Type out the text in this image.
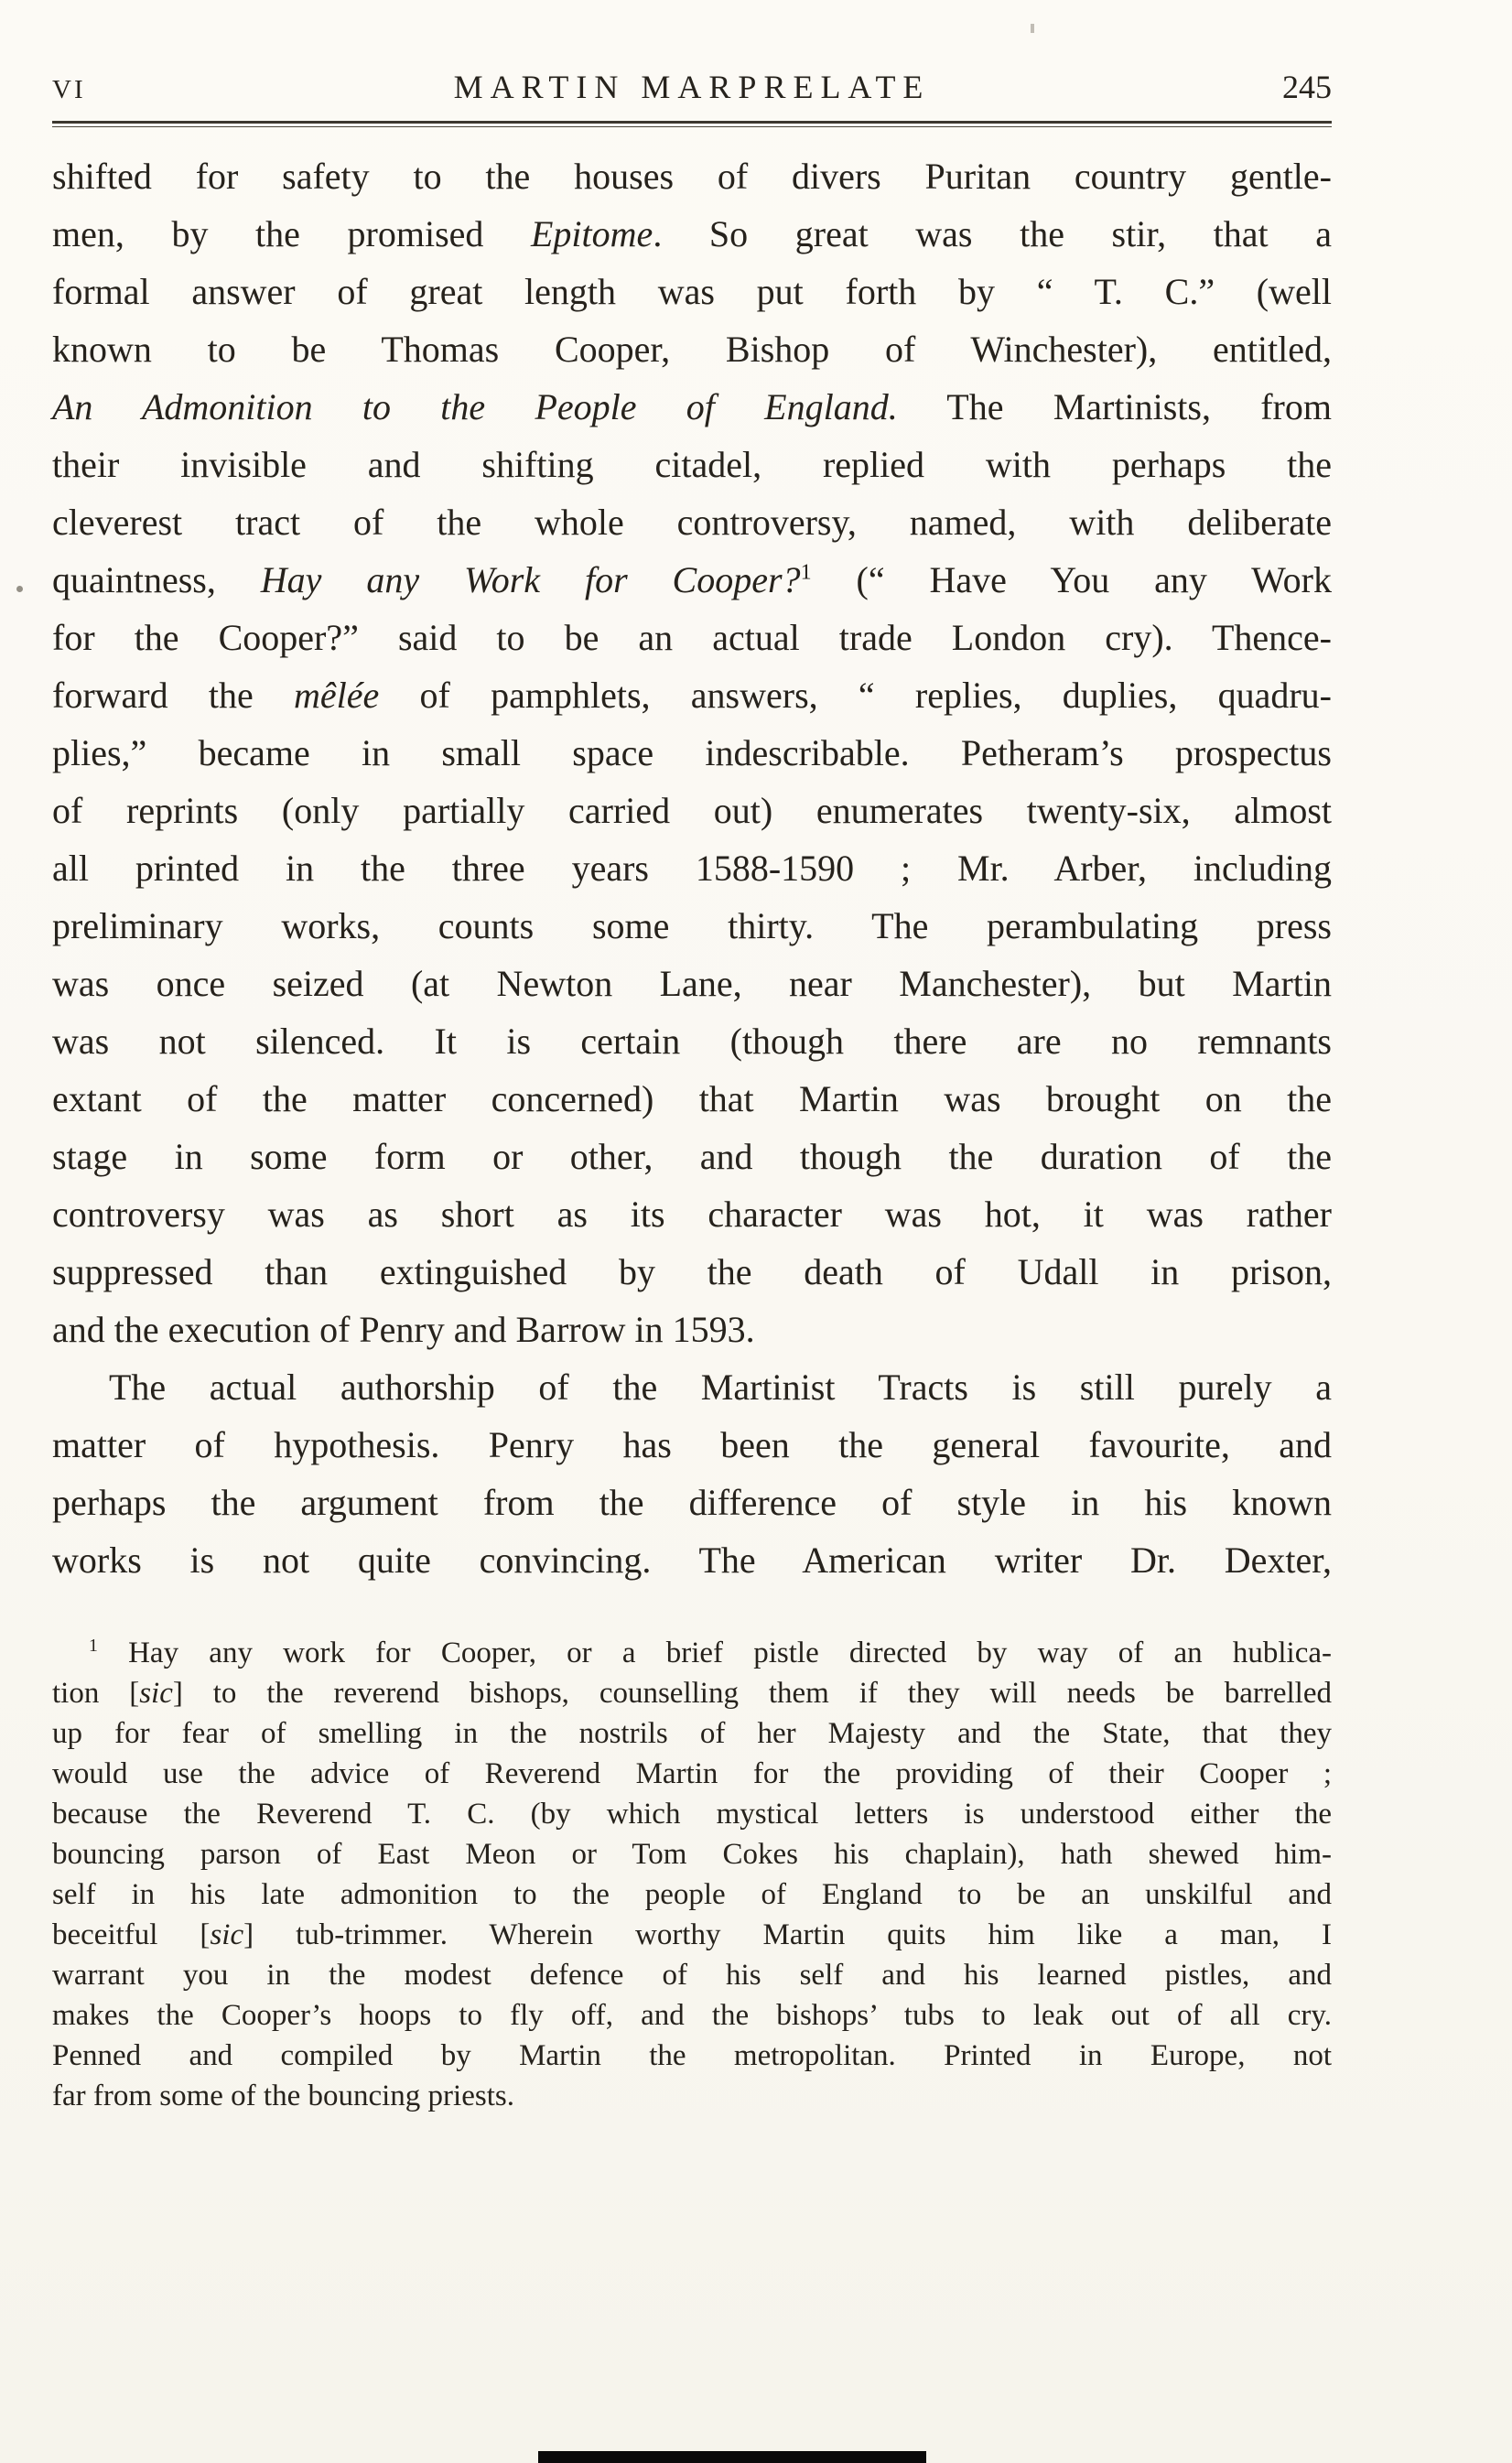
VI	MARTIN MARPRELATE	245
shifted for safety to the houses of divers Puritan country gentle-
men, by the promised Epitome. So great was the stir, that a
formal answer of great length was put forth by “ T. C.” (well
known to be Thomas Cooper, Bishop of Winchester), entitled,
An Admonition to the People of England. The Martinists, from
their invisible and shifting citadel, replied with perhaps the
cleverest tract of the whole controversy, named, with deliberate
quaintness, Hay any Work for Cooper?$^1$ (“ Have You any Work
for the Cooper?” said to be an actual trade London cry). Thence-
forward the mêlée of pamphlets, answers, “ replies, duplies, quadru-
plies,” became in small space indescribable. Petheram’s prospectus
of reprints (only partially carried out) enumerates twenty-six, almost
all printed in the three years 1588-1590 ; Mr. Arber, including
preliminary works, counts some thirty. The perambulating press
was once seized (at Newton Lane, near Manchester), but Martin
was not silenced. It is certain (though there are no remnants
extant of the matter concerned) that Martin was brought on the
stage in some form or other, and though the duration of the
controversy was as short as its character was hot, it was rather
suppressed than extinguished by the death of Udall in prison,
and the execution of Penry and Barrow in 1593.
The actual authorship of the Martinist Tracts is still purely a
matter of hypothesis. Penry has been the general favourite, and
perhaps the argument from the difference of style in his known
works is not quite convincing. The American writer Dr. Dexter,
$^1$ Hay any work for Cooper, or a brief pistle directed by way of an hublica-
tion [sic] to the reverend bishops, counselling them if they will needs be barrelled
up for fear of smelling in the nostrils of her Majesty and the State, that they
would use the advice of Reverend Martin for the providing of their Cooper ;
because the Reverend T. C. (by which mystical letters is understood either the
bouncing parson of East Meon or Tom Cokes his chaplain), hath shewed him-
self in his late admonition to the people of England to be an unskilful and
beceitful [sic] tub-trimmer. Wherein worthy Martin quits him like a man, I
warrant you in the modest defence of his self and his learned pistles, and
makes the Cooper’s hoops to fly off, and the bishops’ tubs to leak out of all cry.
Penned and compiled by Martin the metropolitan. Printed in Europe, not
far from some of the bouncing priests.
